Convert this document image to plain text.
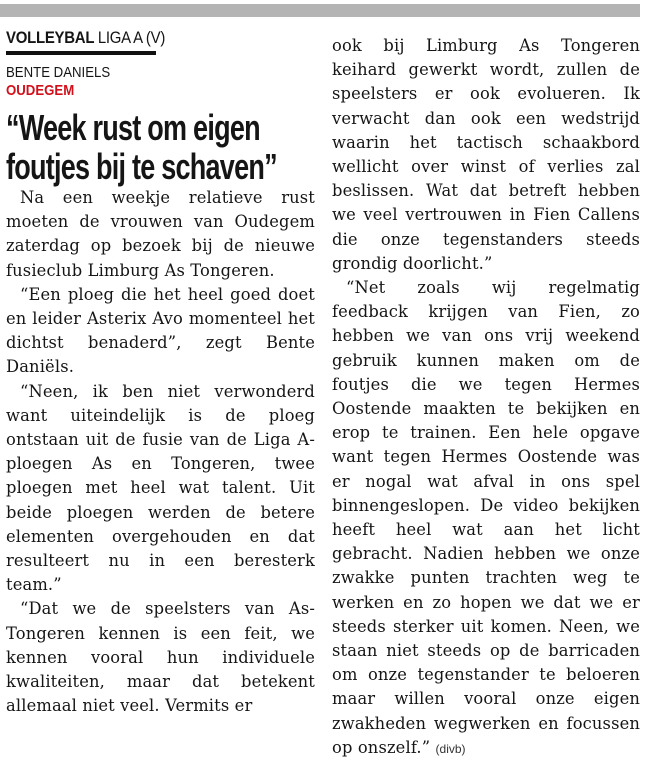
VOLLEYBAL LIGA A (V)
BENTE DANIELS
OUDEGEM
“Week rust om eigen
foutjes bij te schaven”
Na een weekje relatieve rust moeten de vrouwen van Oudegem zaterdag op bezoek bij de nieuwe fusieclub Limburg As Tongeren.
“Een ploeg die het heel goed doet en leider Asterix Avo momenteel het dichtst benaderd”, zegt Bente Daniëls.
“Neen, ik ben niet verwonderd want uiteindelijk is de ploeg ontstaan uit de fusie van de Liga A-ploegen As en Tongeren, twee ploegen met heel wat talent. Uit beide ploegen werden de betere elementen overgehouden en dat resulteert nu in een beresterk team.”
“Dat we de speelsters van As-Tongeren kennen is een feit, we kennen vooral hun individuele kwaliteiten, maar dat betekent allemaal niet veel. Vermits er
ook bij Limburg As Tongeren keihard gewerkt wordt, zullen de speelsters er ook evolueren. Ik verwacht dan ook een wedstrijd waarin het tactisch schaakbord wellicht over winst of verlies zal beslissen. Wat dat betreft hebben we veel vertrouwen in Fien Callens die onze tegenstanders steeds grondig doorlicht.”
“Net zoals wij regelmatig feedback krijgen van Fien, zo hebben we van ons vrij weekend gebruik kunnen maken om de foutjes die we tegen Hermes Oostende maakten te bekijken en erop te trainen. Een hele opgave want tegen Hermes Oostende was er nogal wat afval in ons spel binnengeslopen. De video bekijken heeft heel wat aan het licht gebracht. Nadien hebben we onze zwakke punten trachten weg te werken en zo hopen we dat we er steeds sterker uit komen. Neen, we staan niet steeds op de barricaden om onze tegenstander te beloeren maar willen vooral onze eigen zwakheden wegwerken en focussen op onszelf.” (divb)
